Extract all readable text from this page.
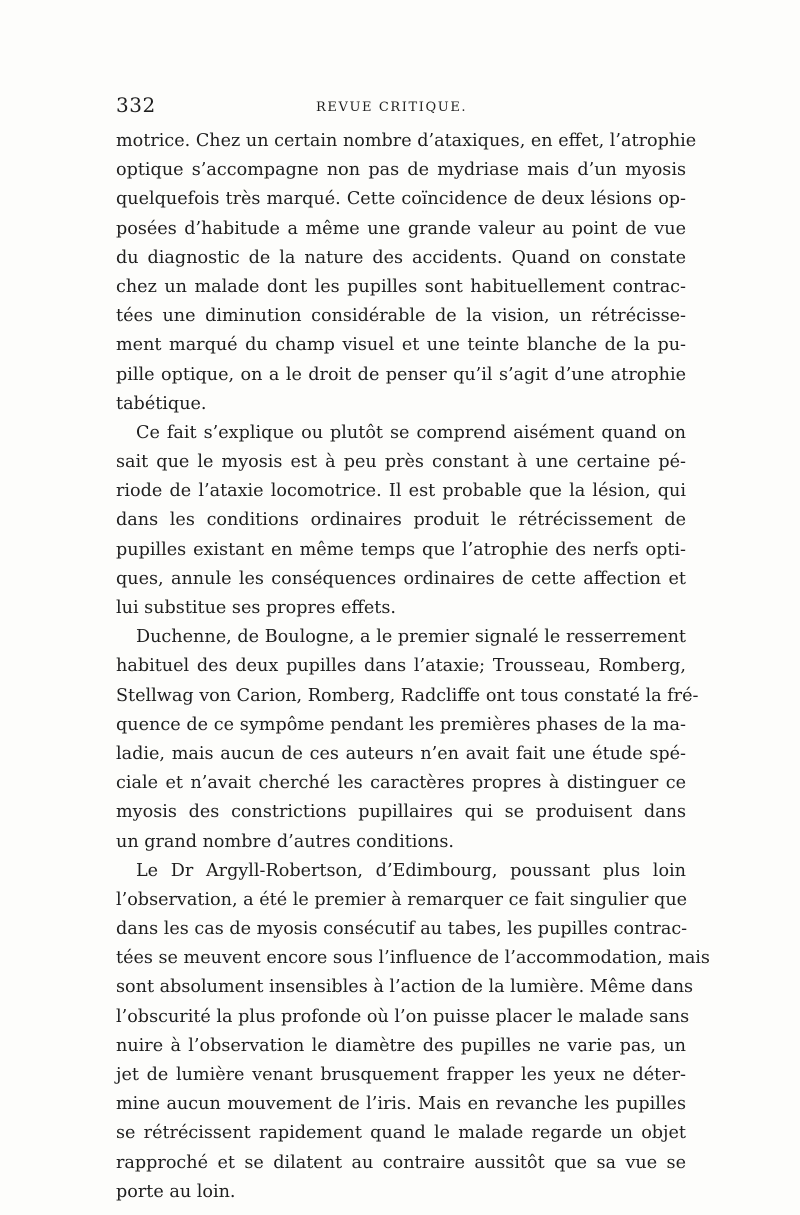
332	REVUE CRITIQUE.
motrice. Chez un certain nombre d’ataxiques, en effet, l’atrophie
optique s’accompagne non pas de mydriase mais d’un myosis
quelquefois très marqué. Cette coïncidence de deux lésions op-
posées d’habitude a même une grande valeur au point de vue
du diagnostic de la nature des accidents. Quand on constate
chez un malade dont les pupilles sont habituellement contrac-
tées une diminution considérable de la vision, un rétrécisse-
ment marqué du champ visuel et une teinte blanche de la pu-
pille optique, on a le droit de penser qu’il s’agit d’une atrophie
tabétique.
Ce fait s’explique ou plutôt se comprend aisément quand on
sait que le myosis est à peu près constant à une certaine pé-
riode de l’ataxie locomotrice. Il est probable que la lésion, qui
dans les conditions ordinaires produit le rétrécissement de
pupilles existant en même temps que l’atrophie des nerfs opti-
ques, annule les conséquences ordinaires de cette affection et
lui substitue ses propres effets.
Duchenne, de Boulogne, a le premier signalé le resserrement
habituel des deux pupilles dans l’ataxie; Trousseau, Romberg,
Stellwag von Carion, Romberg, Radcliffe ont tous constaté la fré-
quence de ce sympôme pendant les premières phases de la ma-
ladie, mais aucun de ces auteurs n’en avait fait une étude spé-
ciale et n’avait cherché les caractères propres à distinguer ce
myosis des constrictions pupillaires qui se produisent dans
un grand nombre d’autres conditions.
Le Dr Argyll-Robertson, d’Edimbourg, poussant plus loin
l’observation, a été le premier à remarquer ce fait singulier que
dans les cas de myosis consécutif au tabes, les pupilles contrac-
tées se meuvent encore sous l’influence de l’accommodation, mais
sont absolument insensibles à l’action de la lumière. Même dans
l’obscurité la plus profonde où l’on puisse placer le malade sans
nuire à l’observation le diamètre des pupilles ne varie pas, un
jet de lumière venant brusquement frapper les yeux ne déter-
mine aucun mouvement de l’iris. Mais en revanche les pupilles
se rétrécissent rapidement quand le malade regarde un objet
rapproché et se dilatent au contraire aussitôt que sa vue se
porte au loin.
